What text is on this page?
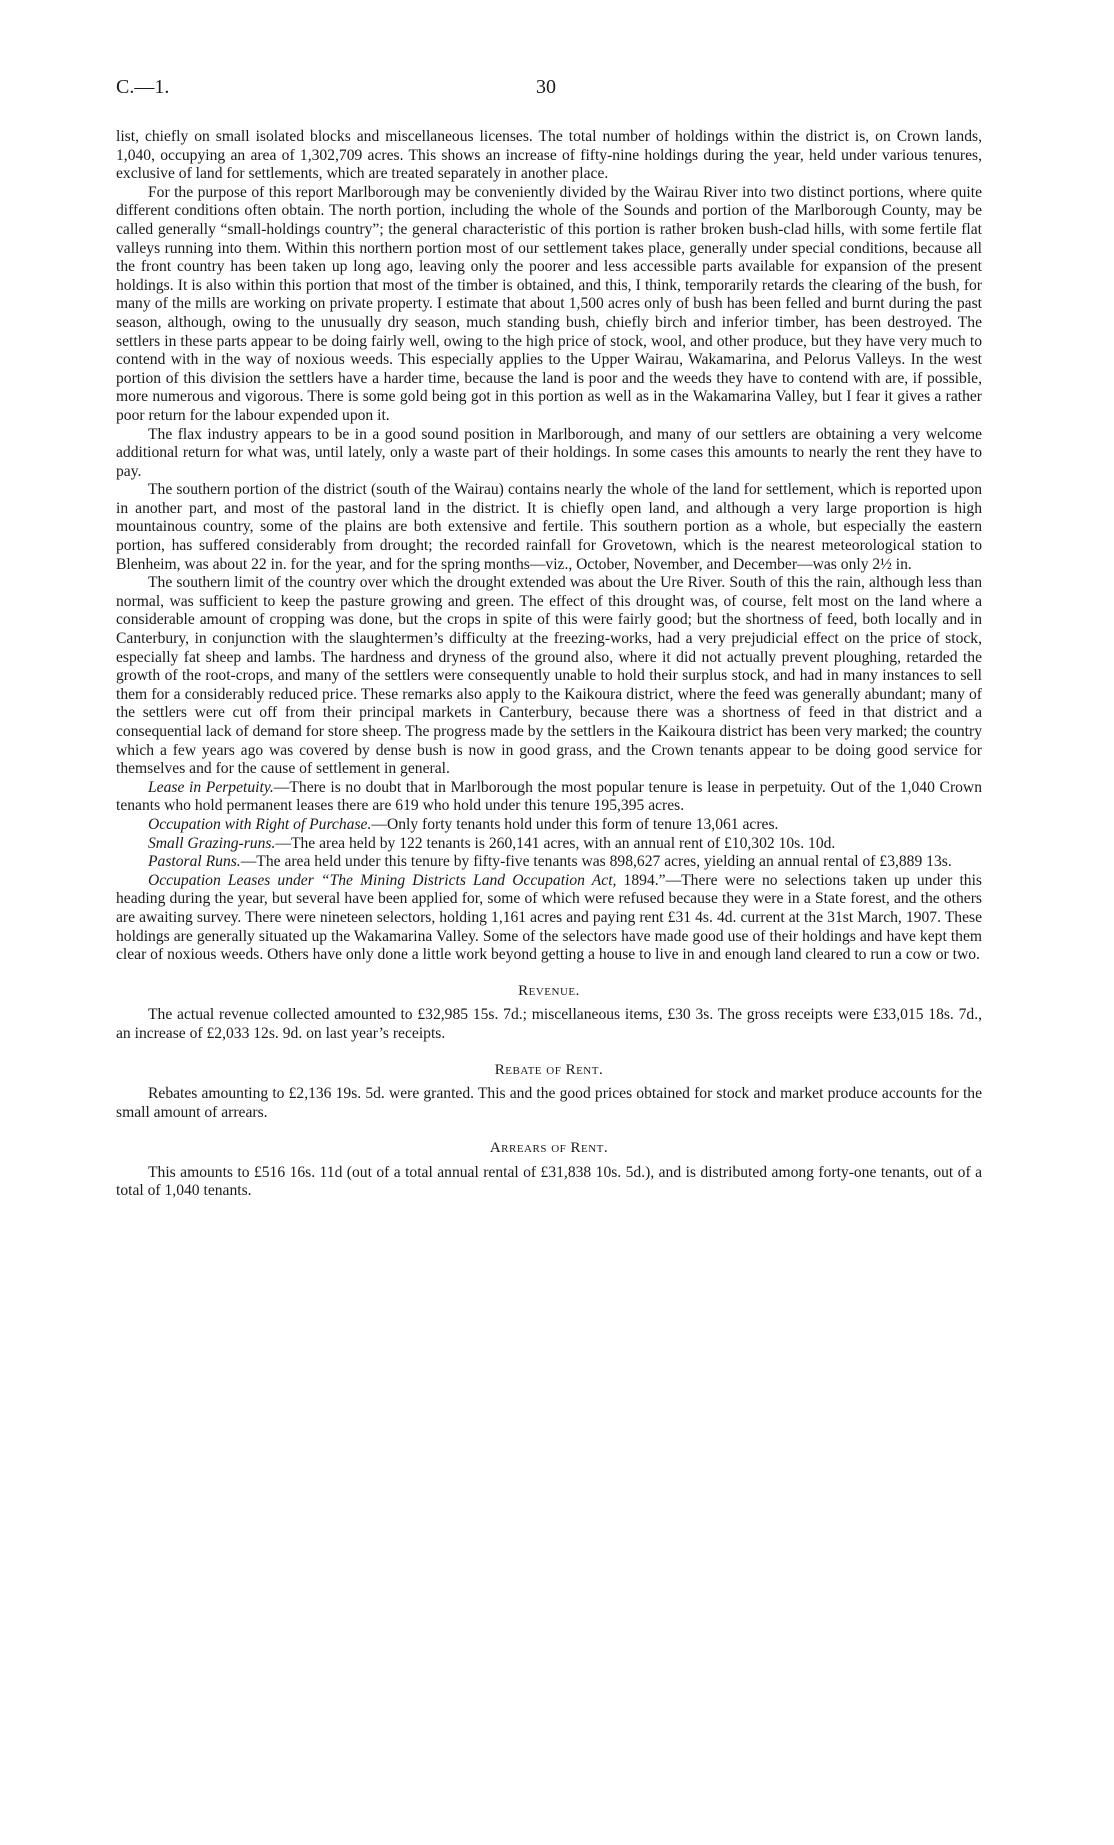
C.—1.	30

list, chiefly on small isolated blocks and miscellaneous licenses. The total number of holdings within the district is, on Crown lands, 1,040, occupying an area of 1,302,709 acres. This shows an increase of fifty-nine holdings during the year, held under various tenures, exclusive of land for settlements, which are treated separately in another place.

For the purpose of this report Marlborough may be conveniently divided by the Wairau River into two distinct portions, where quite different conditions often obtain. The north portion, including the whole of the Sounds and portion of the Marlborough County, may be called generally “small-holdings country”; the general characteristic of this portion is rather broken bush-clad hills, with some fertile flat valleys running into them. Within this northern portion most of our settlement takes place, generally under special conditions, because all the front country has been taken up long ago, leaving only the poorer and less accessible parts available for expansion of the present holdings. It is also within this portion that most of the timber is obtained, and this, I think, temporarily retards the clearing of the bush, for many of the mills are working on private property. I estimate that about 1,500 acres only of bush has been felled and burnt during the past season, although, owing to the unusually dry season, much standing bush, chiefly birch and inferior timber, has been destroyed. The settlers in these parts appear to be doing fairly well, owing to the high price of stock, wool, and other produce, but they have very much to contend with in the way of noxious weeds. This especially applies to the Upper Wairau, Wakamarina, and Pelorus Valleys. In the west portion of this division the settlers have a harder time, because the land is poor and the weeds they have to contend with are, if possible, more numerous and vigorous. There is some gold being got in this portion as well as in the Wakamarina Valley, but I fear it gives a rather poor return for the labour expended upon it.

The flax industry appears to be in a good sound position in Marlborough, and many of our settlers are obtaining a very welcome additional return for what was, until lately, only a waste part of their holdings. In some cases this amounts to nearly the rent they have to pay.

The southern portion of the district (south of the Wairau) contains nearly the whole of the land for settlement, which is reported upon in another part, and most of the pastoral land in the district. It is chiefly open land, and although a very large proportion is high mountainous country, some of the plains are both extensive and fertile. This southern portion as a whole, but especially the eastern portion, has suffered considerably from drought; the recorded rainfall for Grovetown, which is the nearest meteorological station to Blenheim, was about 22 in. for the year, and for the spring months—viz., October, November, and December—was only 2½ in.

The southern limit of the country over which the drought extended was about the Ure River. South of this the rain, although less than normal, was sufficient to keep the pasture growing and green. The effect of this drought was, of course, felt most on the land where a considerable amount of cropping was done, but the crops in spite of this were fairly good; but the shortness of feed, both locally and in Canterbury, in conjunction with the slaughtermen’s difficulty at the freezing-works, had a very prejudicial effect on the price of stock, especially fat sheep and lambs. The hardness and dryness of the ground also, where it did not actually prevent ploughing, retarded the growth of the root-crops, and many of the settlers were consequently unable to hold their surplus stock, and had in many instances to sell them for a considerably reduced price. These remarks also apply to the Kaikoura district, where the feed was generally abundant; many of the settlers were cut off from their principal markets in Canterbury, because there was a shortness of feed in that district and a consequential lack of demand for store sheep. The progress made by the settlers in the Kaikoura district has been very marked; the country which a few years ago was covered by dense bush is now in good grass, and the Crown tenants appear to be doing good service for themselves and for the cause of settlement in general.

Lease in Perpetuity.—There is no doubt that in Marlborough the most popular tenure is lease in perpetuity. Out of the 1,040 Crown tenants who hold permanent leases there are 619 who hold under this tenure 195,395 acres.

Occupation with Right of Purchase.—Only forty tenants hold under this form of tenure 13,061 acres.

Small Grazing-runs.—The area held by 122 tenants is 260,141 acres, with an annual rent of £10,302 10s. 10d.

Pastoral Runs.—The area held under this tenure by fifty-five tenants was 898,627 acres, yielding an annual rental of £3,889 13s.

Occupation Leases under “The Mining Districts Land Occupation Act, 1894.”—There were no selections taken up under this heading during the year, but several have been applied for, some of which were refused because they were in a State forest, and the others are awaiting survey. There were nineteen selectors, holding 1,161 acres and paying rent £31 4s. 4d. current at the 31st March, 1907. These holdings are generally situated up the Wakamarina Valley. Some of the selectors have made good use of their holdings and have kept them clear of noxious weeds. Others have only done a little work beyond getting a house to live in and enough land cleared to run a cow or two.

Revenue.

The actual revenue collected amounted to £32,985 15s. 7d.; miscellaneous items, £30 3s. The gross receipts were £33,015 18s. 7d., an increase of £2,033 12s. 9d. on last year’s receipts.

Rebate of Rent.

Rebates amounting to £2,136 19s. 5d. were granted. This and the good prices obtained for stock and market produce accounts for the small amount of arrears.

Arrears of Rent.

This amounts to £516 16s. 11d (out of a total annual rental of £31,838 10s. 5d.), and is distributed among forty-one tenants, out of a total of 1,040 tenants.
